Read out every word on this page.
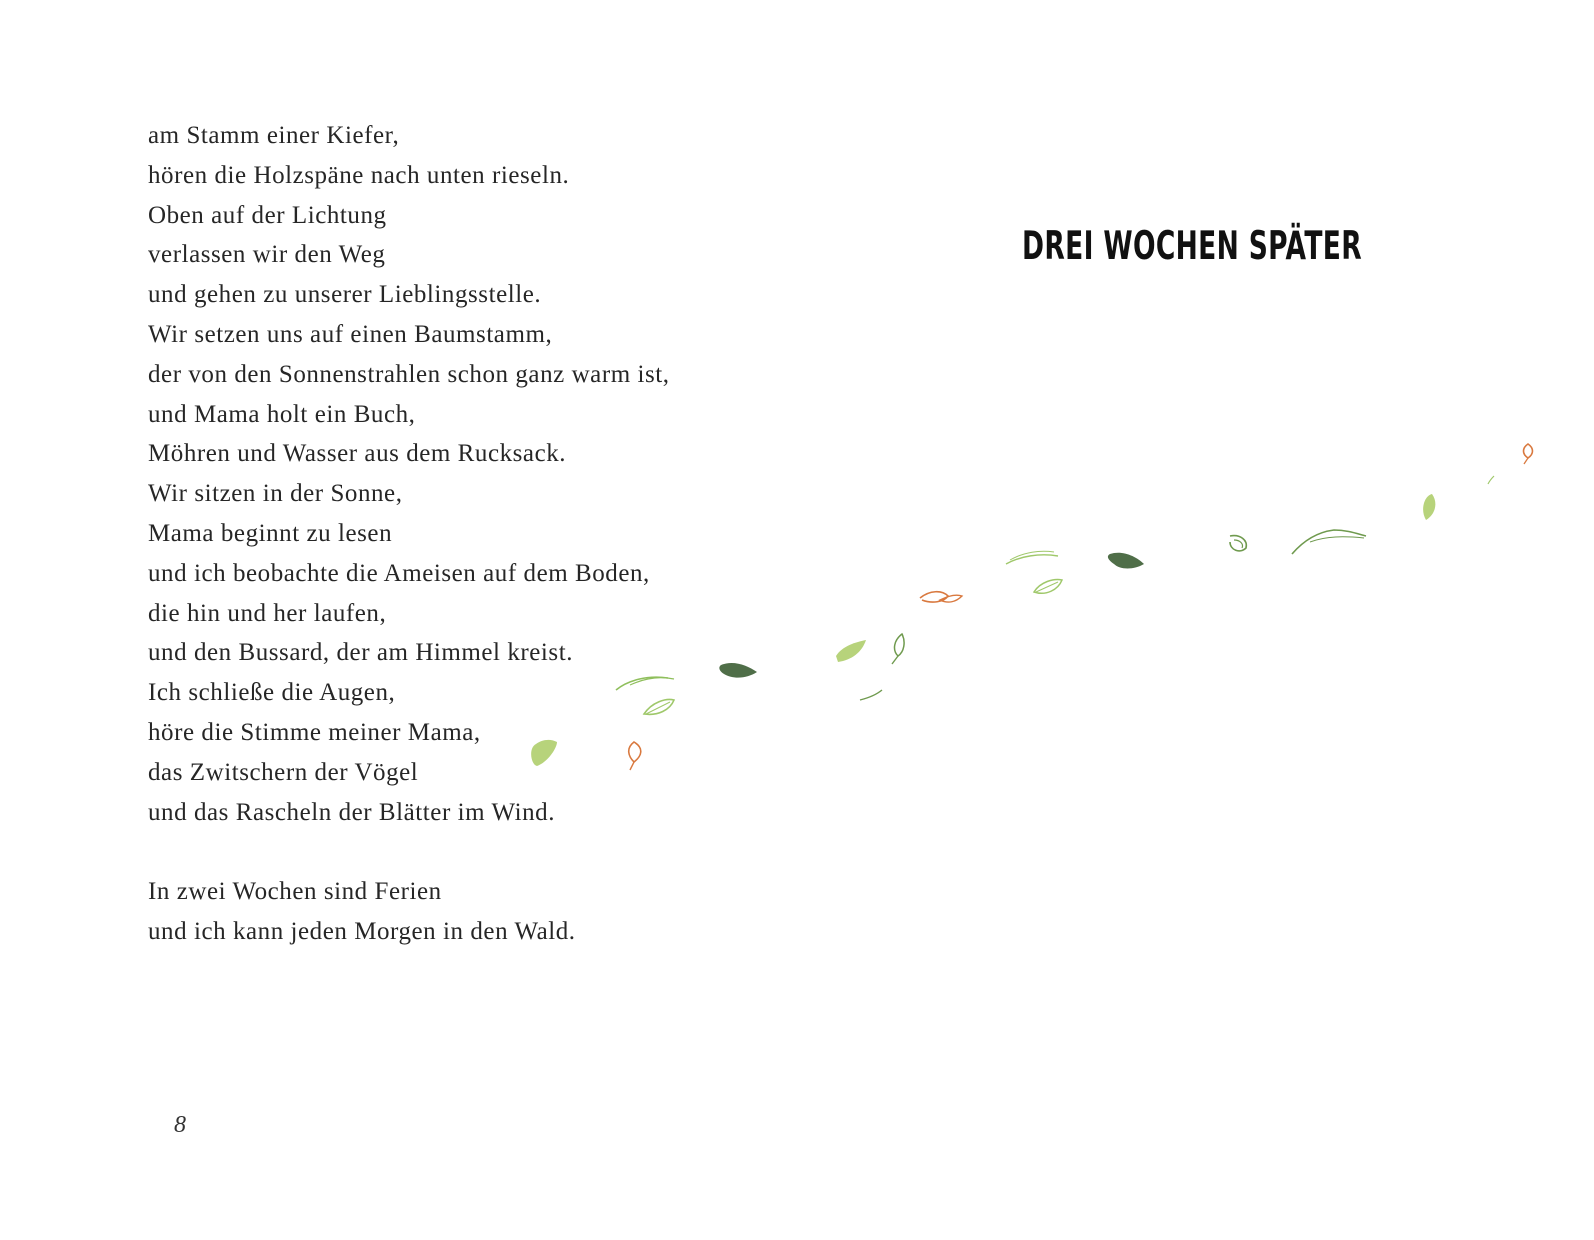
am Stamm einer Kiefer,
hören die Holzspäne nach unten rieseln.
Oben auf der Lichtung
verlassen wir den Weg
und gehen zu unserer Lieblingsstelle.
Wir setzen uns auf einen Baumstamm,
der von den Sonnenstrahlen schon ganz warm ist,
und Mama holt ein Buch,
Möhren und Wasser aus dem Rucksack.
Wir sitzen in der Sonne,
Mama beginnt zu lesen
und ich beobachte die Ameisen auf dem Boden,
die hin und her laufen,
und den Bussard, der am Himmel kreist.
Ich schließe die Augen,
höre die Stimme meiner Mama,
das Zwitschern der Vögel
und das Rascheln der Blätter im Wind.
In zwei Wochen sind Ferien
und ich kann jeden Morgen in den Wald.
8
DREI WOCHEN SPÄTER
